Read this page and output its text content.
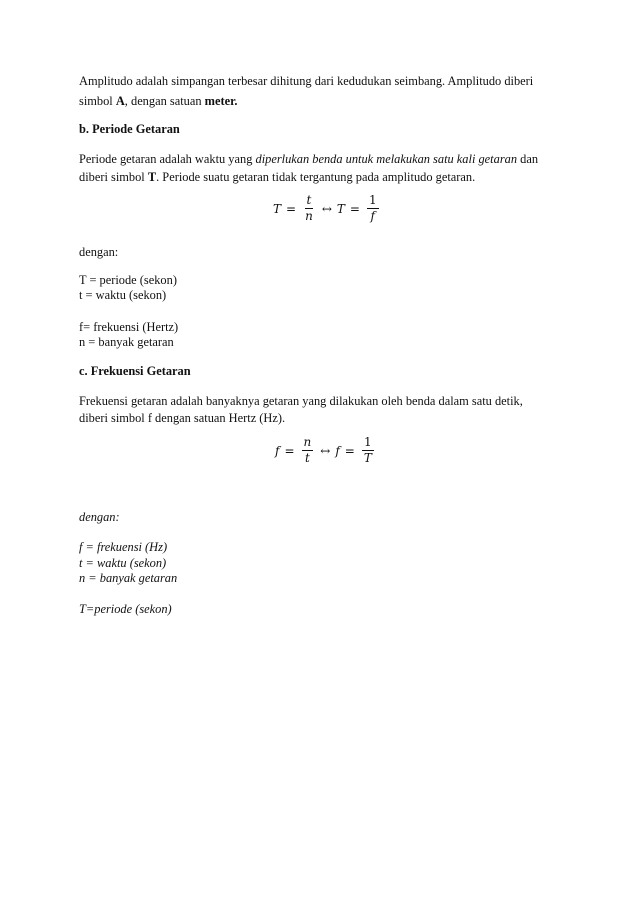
Amplitudo adalah simpangan terbesar dihitung dari kedudukan seimbang. Amplitudo diberi
simbol A, dengan satuan meter.
b. Periode Getaran
Periode getaran adalah waktu yang diperlukan benda untuk melakukan satu kali getaran dan
diberi simbol T. Periode suatu getaran tidak tergantung pada amplitudo getaran.
$T = \frac{t}{n}$ ↔ $T = \frac{1}{f}$
dengan:
T = periode (sekon)
t = waktu (sekon)
f= frekuensi (Hertz)
n = banyak getaran
c. Frekuensi Getaran
Frekuensi getaran adalah banyaknya getaran yang dilakukan oleh benda dalam satu detik,
diberi simbol f dengan satuan Hertz (Hz).
$f = \frac{n}{t}$ ↔ $f = \frac{1}{T}$
dengan:
f = frekuensi (Hz)
t = waktu (sekon)
n = banyak getaran
T=periode (sekon)
